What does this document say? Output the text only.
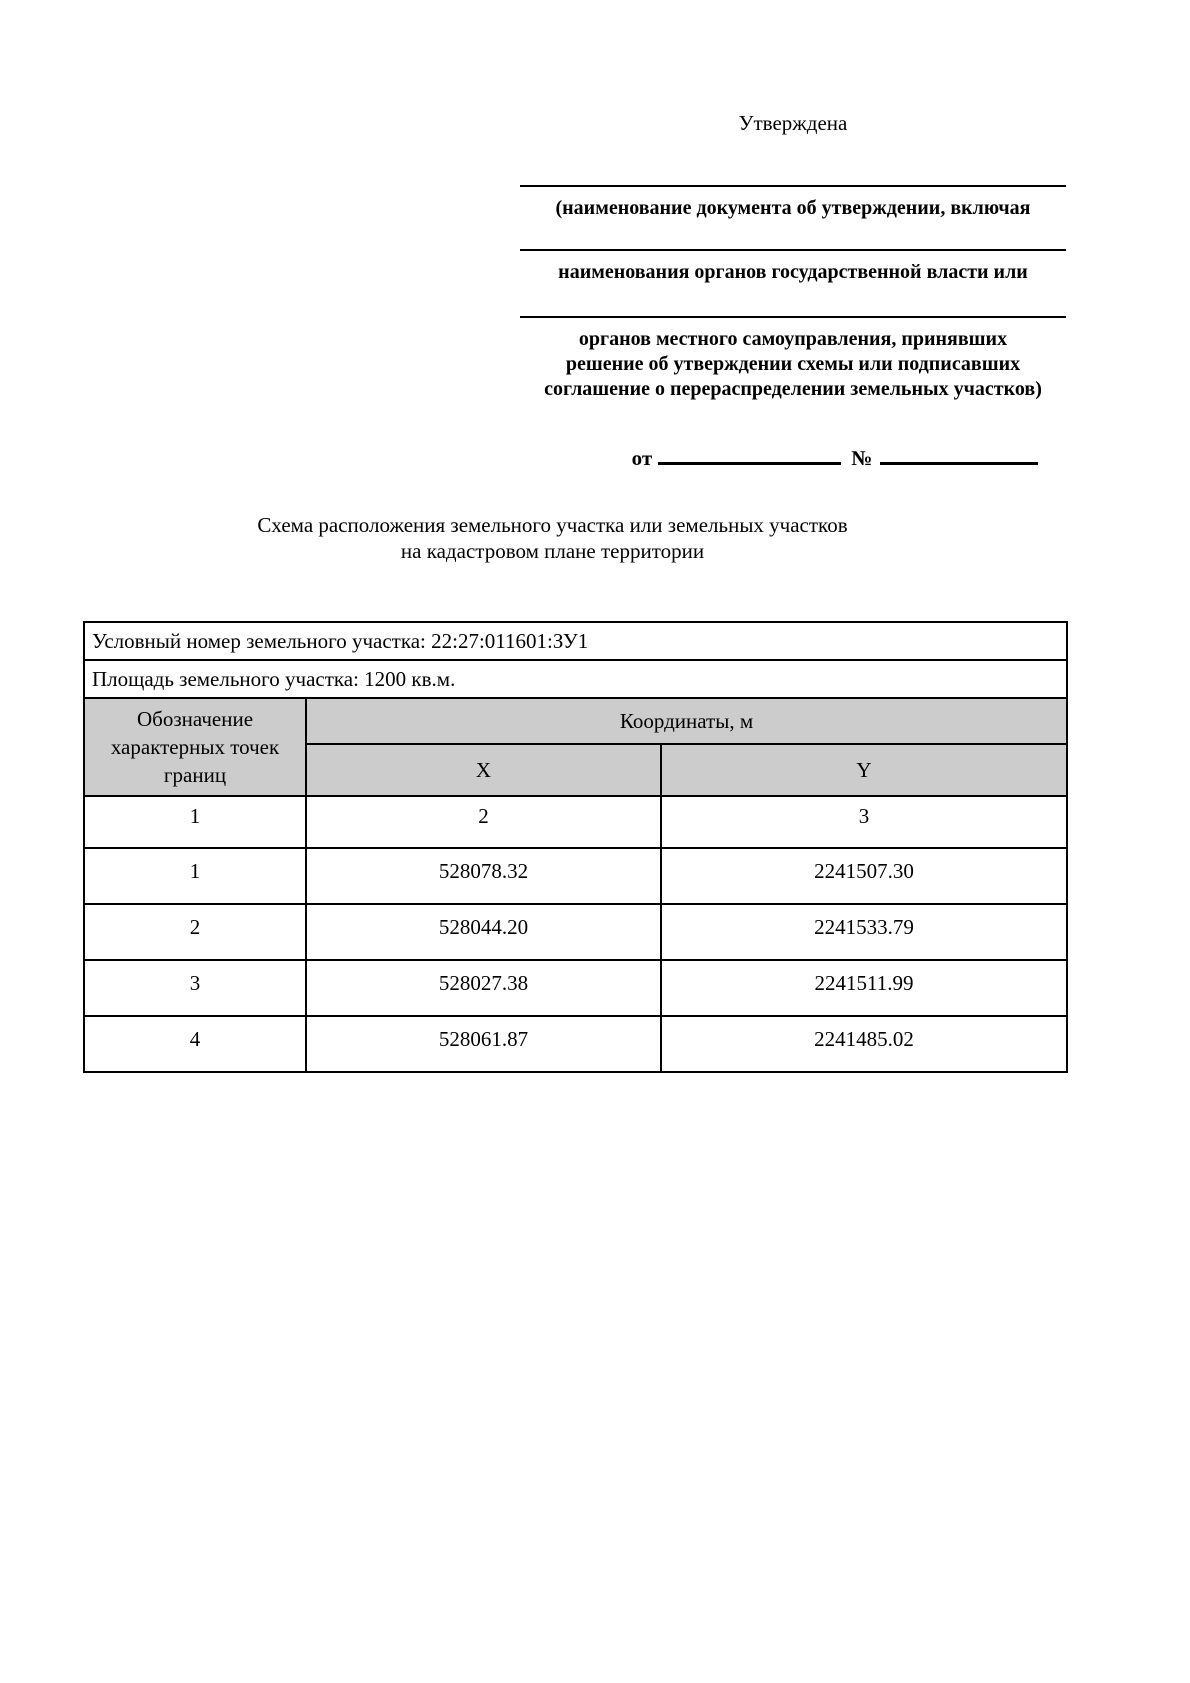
Утверждена
(наименование документа об утверждении, включая
наименования органов государственной власти или
органов местного самоуправления, принявших
решение об утверждении схемы или подписавших
соглашение о перераспределении земельных участков)
от	№
Схема расположения земельного участка или земельных участков
на кадастровом плане территории
Условный номер земельного участка: 22:27:011601:ЗУ1		
Площадь земельного участка: 1200 кв.м.		
Обозначение характерных точек границ	Координаты, м	
	X	Y
1	2	3
1	528078.32	2241507.30
2	528044.20	2241533.79
3	528027.38	2241511.99
4	528061.87	2241485.02
